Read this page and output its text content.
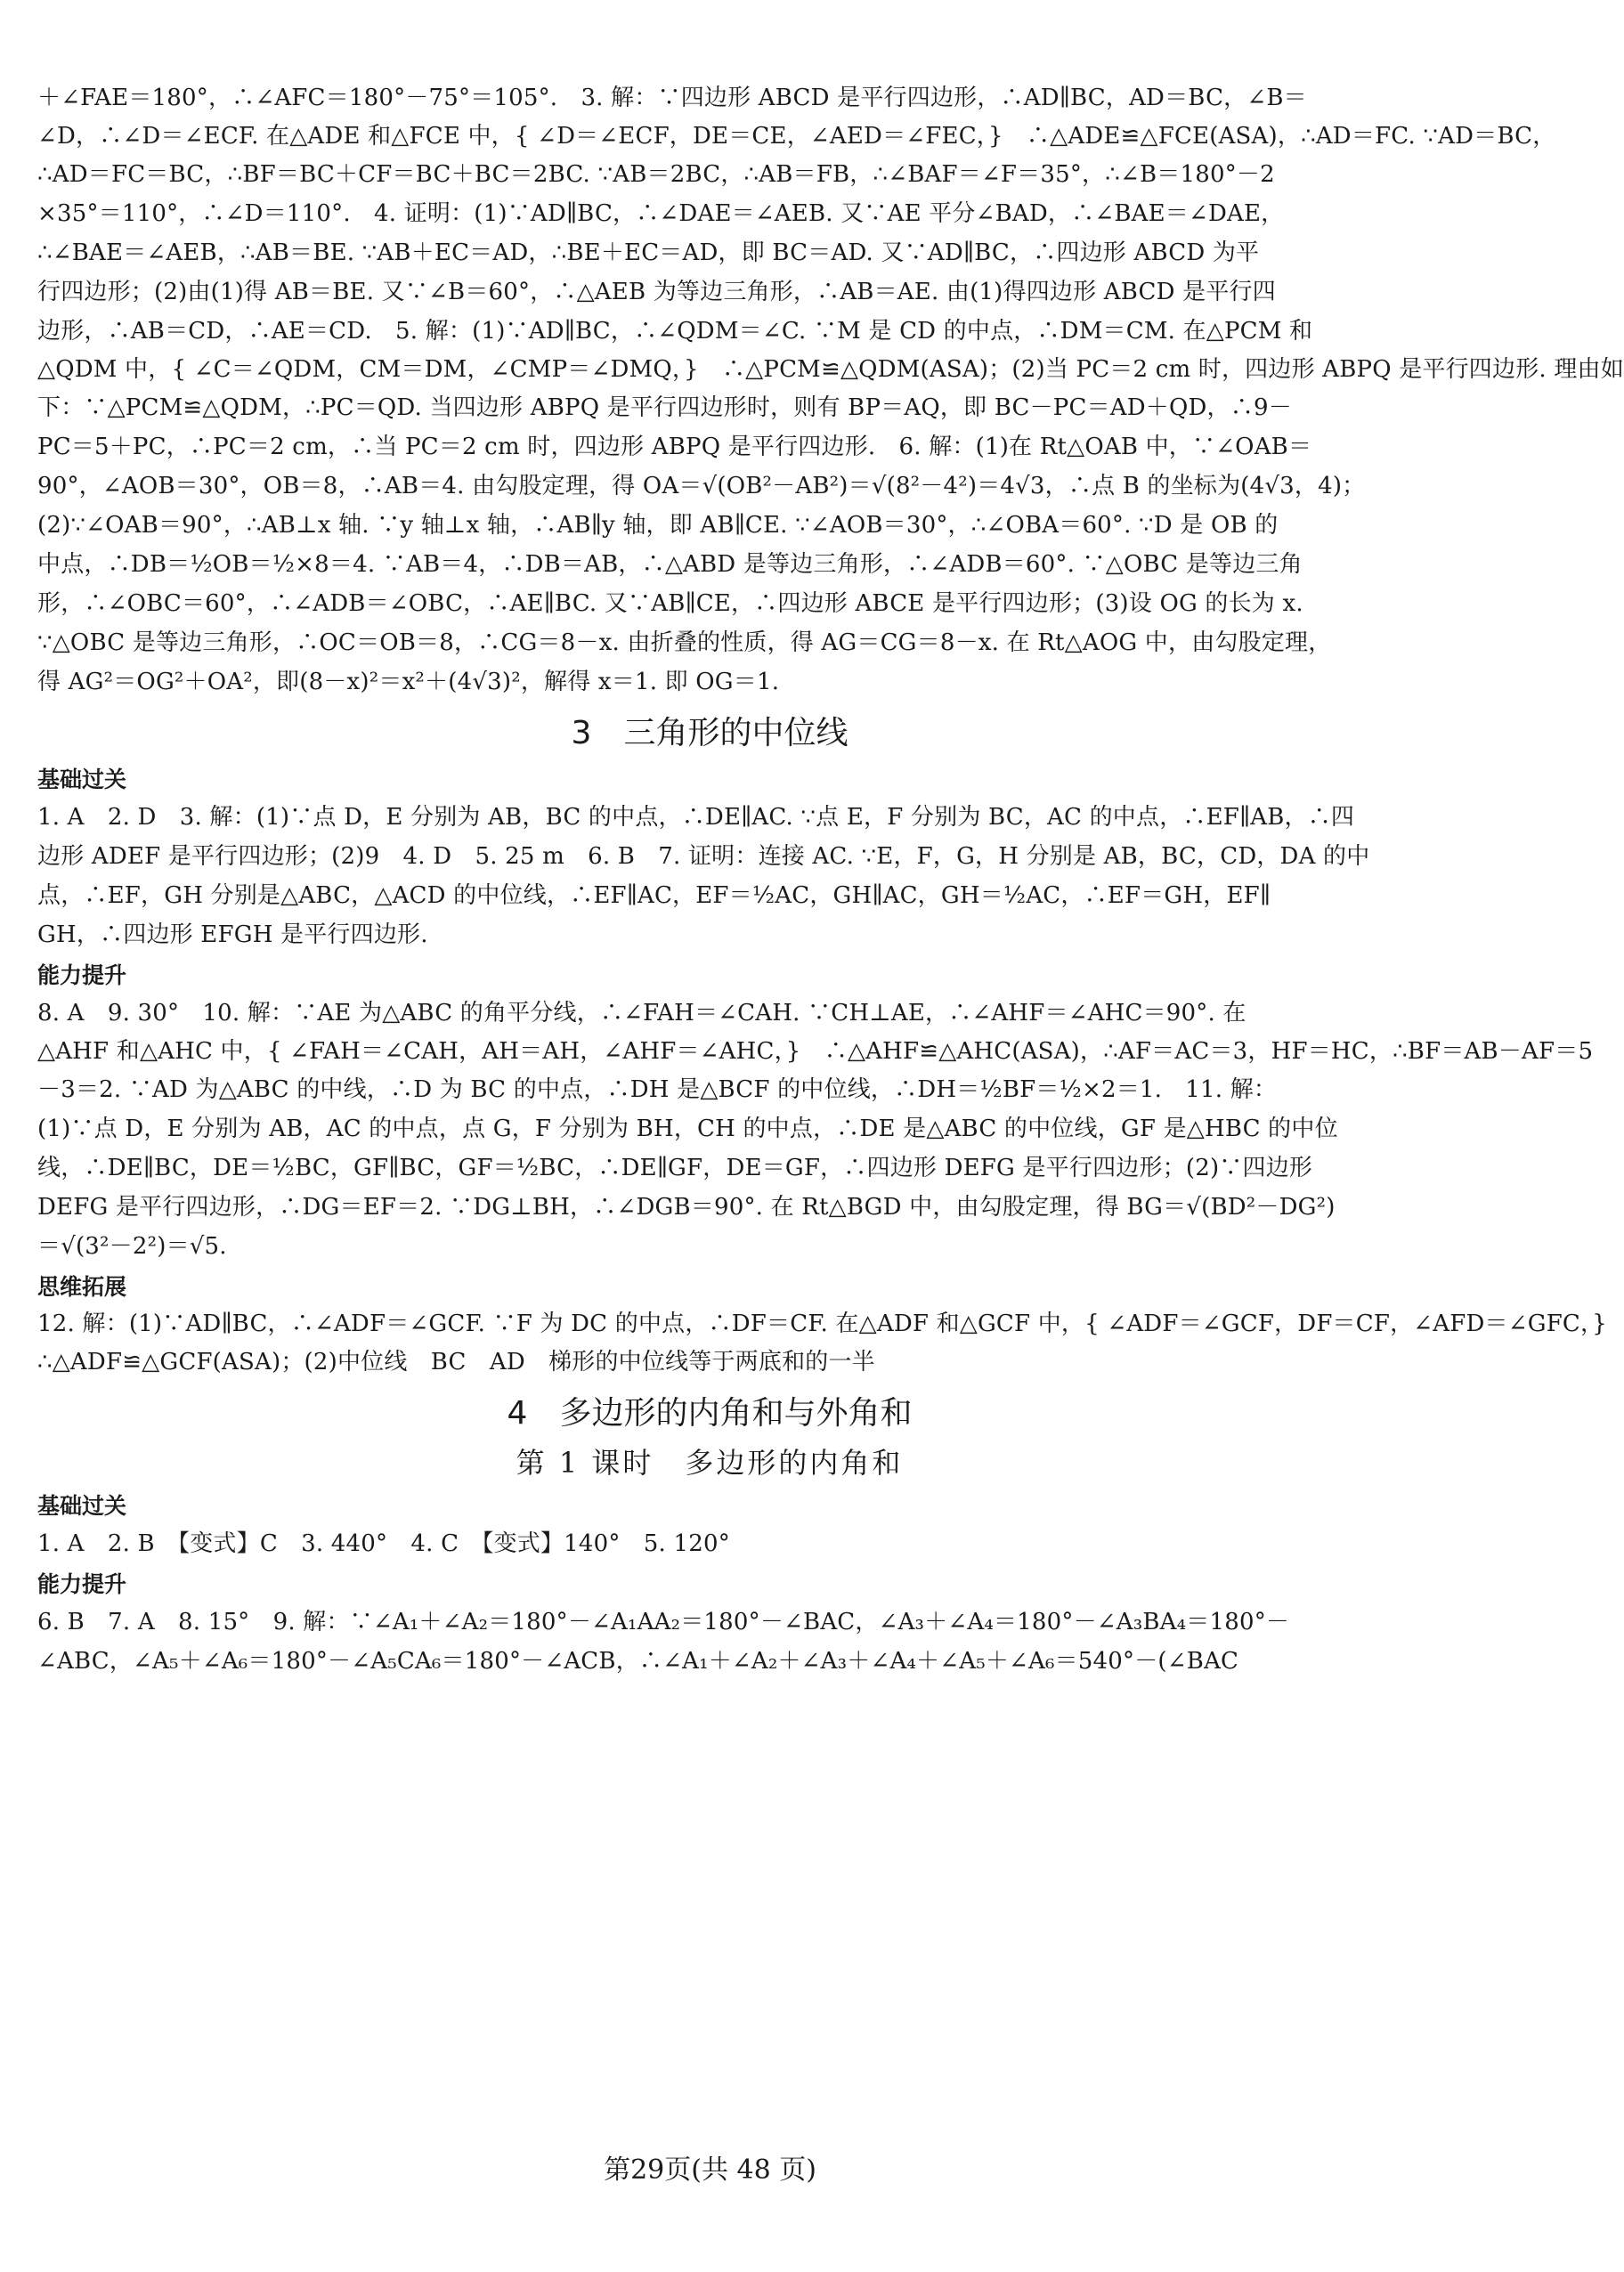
＋∠FAE＝180°，∴∠AFC＝180°－75°＝105°.　3. 解：∵四边形 ABCD 是平行四边形，∴AD∥BC，AD＝BC，∠B＝
∠D，∴∠D＝∠ECF. 在△ADE 和△FCE 中，{ ∠D＝∠ECF，DE＝CE，∠AED＝∠FEC，}　∴△ADE≌△FCE(ASA)，∴AD＝FC. ∵AD＝BC，
∴AD＝FC＝BC，∴BF＝BC＋CF＝BC＋BC＝2BC. ∵AB＝2BC，∴AB＝FB，∴∠BAF＝∠F＝35°，∴∠B＝180°－2
×35°＝110°，∴∠D＝110°.　4. 证明：(1)∵AD∥BC，∴∠DAE＝∠AEB. 又∵AE 平分∠BAD，∴∠BAE＝∠DAE，
∴∠BAE＝∠AEB，∴AB＝BE. ∵AB＋EC＝AD，∴BE＋EC＝AD，即 BC＝AD. 又∵AD∥BC，∴四边形 ABCD 为平
行四边形；(2)由(1)得 AB＝BE. 又∵∠B＝60°，∴△AEB 为等边三角形，∴AB＝AE. 由(1)得四边形 ABCD 是平行四
边形，∴AB＝CD，∴AE＝CD.　5. 解：(1)∵AD∥BC，∴∠QDM＝∠C. ∵M 是 CD 的中点，∴DM＝CM. 在△PCM 和
△QDM 中，{ ∠C＝∠QDM，CM＝DM，∠CMP＝∠DMQ，}　∴△PCM≌△QDM(ASA)；(2)当 PC＝2 cm 时，四边形 ABPQ 是平行四边形. 理由如
下：∵△PCM≌△QDM，∴PC＝QD. 当四边形 ABPQ 是平行四边形时，则有 BP＝AQ，即 BC－PC＝AD＋QD，∴9－
PC＝5＋PC，∴PC＝2 cm，∴当 PC＝2 cm 时，四边形 ABPQ 是平行四边形.　6. 解：(1)在 Rt△OAB 中，∵∠OAB＝
90°，∠AOB＝30°，OB＝8，∴AB＝4. 由勾股定理，得 OA＝√(OB²－AB²)＝√(8²－4²)＝4√3，∴点 B 的坐标为(4√3，4)；
(2)∵∠OAB＝90°，∴AB⊥x 轴. ∵y 轴⊥x 轴，∴AB∥y 轴，即 AB∥CE. ∵∠AOB＝30°，∴∠OBA＝60°. ∵D 是 OB 的
中点，∴DB＝½OB＝½×8＝4. ∵AB＝4，∴DB＝AB，∴△ABD 是等边三角形，∴∠ADB＝60°. ∵△OBC 是等边三角
形，∴∠OBC＝60°，∴∠ADB＝∠OBC，∴AE∥BC. 又∵AB∥CE，∴四边形 ABCE 是平行四边形；(3)设 OG 的长为 x.
∵△OBC 是等边三角形，∴OC＝OB＝8，∴CG＝8－x. 由折叠的性质，得 AG＝CG＝8－x. 在 Rt△AOG 中，由勾股定理，
得 AG²＝OG²＋OA²，即(8－x)²＝x²＋(4√3)²，解得 x＝1. 即 OG＝1.
3　三角形的中位线
基础过关
1. A　2. D　3. 解：(1)∵点 D，E 分别为 AB，BC 的中点，∴DE∥AC. ∵点 E，F 分别为 BC，AC 的中点，∴EF∥AB，∴四
边形 ADEF 是平行四边形；(2)9　4. D　5. 25 m　6. B　7. 证明：连接 AC. ∵E，F，G，H 分别是 AB，BC，CD，DA 的中
点，∴EF，GH 分别是△ABC，△ACD 的中位线，∴EF∥AC，EF＝½AC，GH∥AC，GH＝½AC，∴EF＝GH，EF∥
GH，∴四边形 EFGH 是平行四边形.
能力提升
8. A　9. 30°　10. 解：∵AE 为△ABC 的角平分线，∴∠FAH＝∠CAH. ∵CH⊥AE，∴∠AHF＝∠AHC＝90°. 在
△AHF 和△AHC 中，{ ∠FAH＝∠CAH，AH＝AH，∠AHF＝∠AHC，}　∴△AHF≌△AHC(ASA)，∴AF＝AC＝3，HF＝HC，∴BF＝AB－AF＝5
－3＝2. ∵AD 为△ABC 的中线，∴D 为 BC 的中点，∴DH 是△BCF 的中位线，∴DH＝½BF＝½×2＝1.　11. 解：
(1)∵点 D，E 分别为 AB，AC 的中点，点 G，F 分别为 BH，CH 的中点，∴DE 是△ABC 的中位线，GF 是△HBC 的中位
线，∴DE∥BC，DE＝½BC，GF∥BC，GF＝½BC，∴DE∥GF，DE＝GF，∴四边形 DEFG 是平行四边形；(2)∵四边形
DEFG 是平行四边形，∴DG＝EF＝2. ∵DG⊥BH，∴∠DGB＝90°. 在 Rt△BGD 中，由勾股定理，得 BG＝√(BD²－DG²)
＝√(3²－2²)＝√5.
思维拓展
12. 解：(1)∵AD∥BC，∴∠ADF＝∠GCF. ∵F 为 DC 的中点，∴DF＝CF. 在△ADF 和△GCF 中，{ ∠ADF＝∠GCF，DF＝CF，∠AFD＝∠GFC，}
∴△ADF≌△GCF(ASA)；(2)中位线　BC　AD　梯形的中位线等于两底和的一半
4　多边形的内角和与外角和
第 1 课时　多边形的内角和
基础过关
1. A　2. B　【变式】C　3. 440°　4. C　【变式】140°　5. 120°
能力提升
6. B　7. A　8. 15°　9. 解：∵∠A₁＋∠A₂＝180°－∠A₁AA₂＝180°－∠BAC，∠A₃＋∠A₄＝180°－∠A₃BA₄＝180°－
∠ABC，∠A₅＋∠A₆＝180°－∠A₅CA₆＝180°－∠ACB，∴∠A₁＋∠A₂＋∠A₃＋∠A₄＋∠A₅＋∠A₆＝540°－(∠BAC
第29页(共 48 页)
